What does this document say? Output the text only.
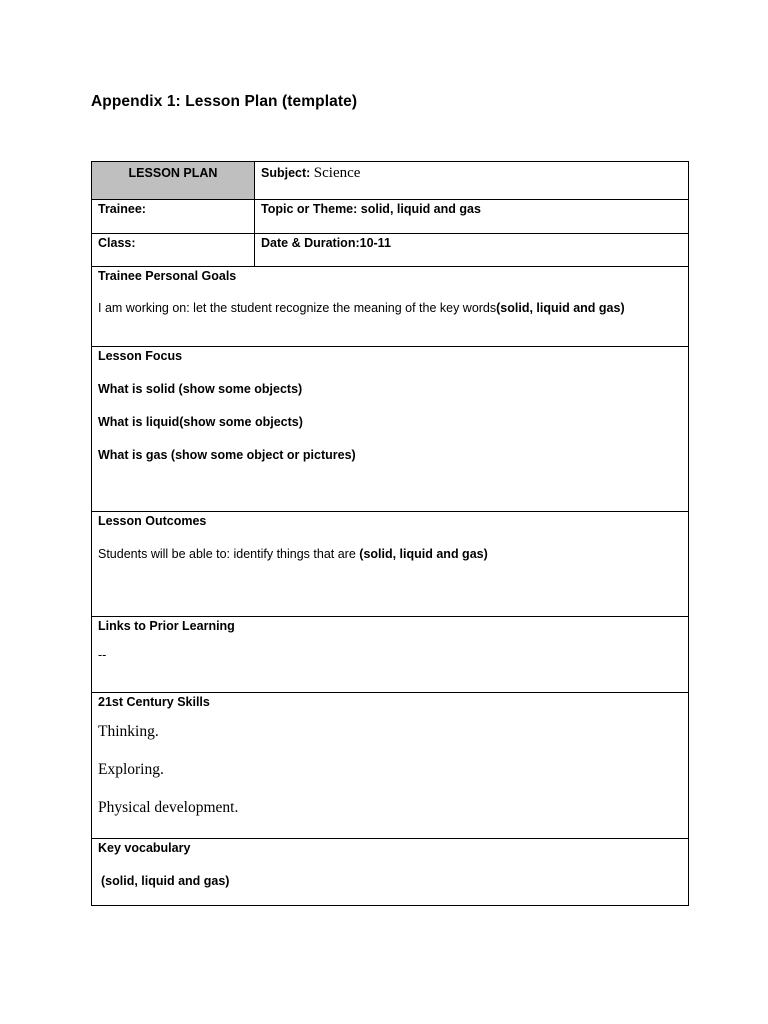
Appendix 1: Lesson Plan (template)
LESSON PLAN	Subject: Science
Trainee:	Topic or Theme: solid, liquid and gas
Class:	Date & Duration:10-11

Trainee Personal Goals
I am working on: let the student recognize the meaning of the key words(solid, liquid and gas)	

Lesson Focus
What is solid (show some objects)
What is liquid(show some objects)
What is gas (show some object or pictures)	

Lesson Outcomes
Students will be able to: identify things that are (solid, liquid and gas)	

Links to Prior Learning
--	

21st Century Skills
Thinking.
Exploring.
Physical development.	

Key vocabulary
(solid, liquid and gas)	
